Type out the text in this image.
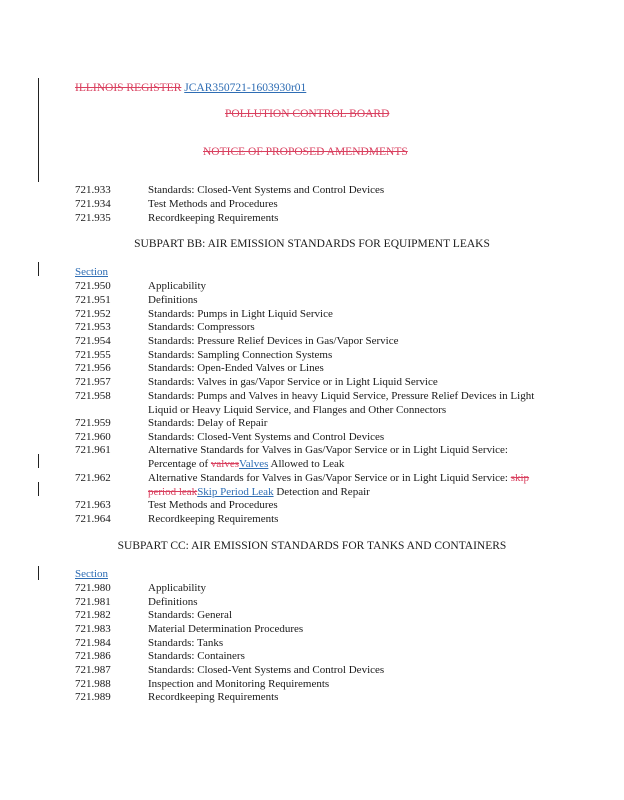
ILLINOIS REGISTER JCAR350721-1603930r01
POLLUTION CONTROL BOARD
NOTICE OF PROPOSED AMENDMENTS
721.933	Standards: Closed-Vent Systems and Control Devices
721.934	Test Methods and Procedures
721.935	Recordkeeping Requirements
SUBPART BB: AIR EMISSION STANDARDS FOR EQUIPMENT LEAKS
Section
721.950	Applicability
721.951	Definitions
721.952	Standards: Pumps in Light Liquid Service
721.953	Standards: Compressors
721.954	Standards: Pressure Relief Devices in Gas/Vapor Service
721.955	Standards: Sampling Connection Systems
721.956	Standards: Open-Ended Valves or Lines
721.957	Standards: Valves in gas/Vapor Service or in Light Liquid Service
721.958	Standards: Pumps and Valves in heavy Liquid Service, Pressure Relief Devices in Light Liquid or Heavy Liquid Service, and Flanges and Other Connectors
721.959	Standards: Delay of Repair
721.960	Standards: Closed-Vent Systems and Control Devices
721.961	Alternative Standards for Valves in Gas/Vapor Service or in Light Liquid Service: Percentage of valvesValves Allowed to Leak
721.962	Alternative Standards for Valves in Gas/Vapor Service or in Light Liquid Service: skip period leakSkip Period Leak Detection and Repair
721.963	Test Methods and Procedures
721.964	Recordkeeping Requirements
SUBPART CC: AIR EMISSION STANDARDS FOR TANKS AND CONTAINERS
Section
721.980	Applicability
721.981	Definitions
721.982	Standards: General
721.983	Material Determination Procedures
721.984	Standards: Tanks
721.986	Standards: Containers
721.987	Standards: Closed-Vent Systems and Control Devices
721.988	Inspection and Monitoring Requirements
721.989	Recordkeeping Requirements
